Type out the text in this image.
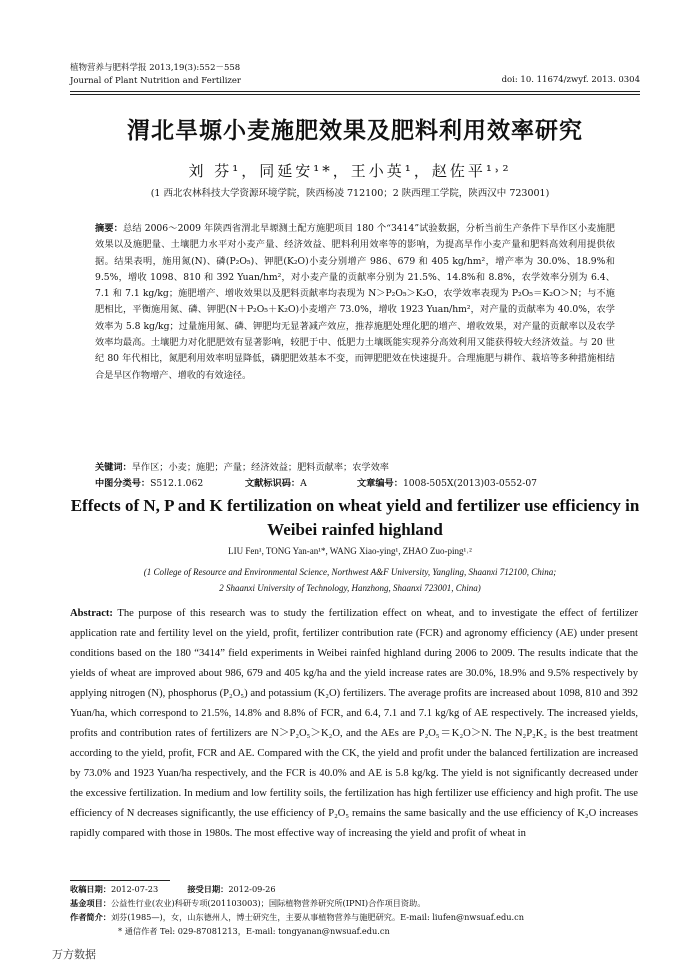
植物营养与肥料学报 2013,19(3):552－558
Journal of Plant Nutrition and Fertilizer	doi: 10. 11674/zwyf. 2013. 0304
渭北旱塬小麦施肥效果及肥料利用效率研究
刘 芬¹，同延安¹*，王小英¹，赵佐平¹˒²
(1 西北农林科技大学资源环境学院，陕西杨凌 712100；2 陕西理工学院，陕西汉中 723001)

摘要：总结 2006～2009 年陕西省渭北旱塬测土配方施肥项目 180 个“3414”试验数据，分析当前生产条件下旱作区小麦施肥效果以及施肥量、土壤肥力水平对小麦产量、经济效益、肥料利用效率等的影响，为提高旱作小麦产量和肥料高效利用提供依据。结果表明，施用氮(N)、磷(P₂O₅)、钾肥(K₂O)小麦分别增产 986、679 和 405 kg/hm²，增产率为 30.0%、18.9%和 9.5%，增收 1098、810 和 392 Yuan/hm²，对小麦产量的贡献率分别为 21.5%、14.8%和 8.8%，农学效率分别为 6.4、7.1 和 7.1 kg/kg；施肥增产、增收效果以及肥料贡献率均表现为 N＞P₂O₅＞K₂O，农学效率表现为 P₂O₅＝K₂O＞N；与不施肥相比，平衡施用氮、磷、钾肥(N＋P₂O₅＋K₂O)小麦增产 73.0%，增收 1923 Yuan/hm²，对产量的贡献率为 40.0%，农学效率为 5.8 kg/kg；过量施用氮、磷、钾肥均无显著减产效应，推荐施肥处理化肥的增产、增收效果，对产量的贡献率以及农学效率均最高。土壤肥力对化肥肥效有显著影响，较肥于中、低肥力土壤既能实现养分高效利用又能获得较大经济效益。与 20 世纪 80 年代相比，氮肥利用效率明显降低，磷肥肥效基本不变，而钾肥肥效在快速提升。合理施肥与耕作、栽培等多种措施相结合是旱区作物增产、增收的有效途径。

关键词：旱作区；小麦；施肥；产量；经济效益；肥料贡献率；农学效率
中图分类号：S512.1.062	文献标识码：A	文章编号：1008-505X(2013)03-0552-07
Effects of N, P and K fertilization on wheat yield and fertilizer use efficiency in Weibei rainfed highland
LIU Fen¹, TONG Yan-an¹*, WANG Xiao-ying¹, ZHAO Zuo-ping¹˒²
(1 College of Resource and Environmental Science, Northwest A&F University, Yangling, Shaanxi 712100, China;
2 Shaanxi University of Technology, Hanzhong, Shaanxi 723001, China)

Abstract: The purpose of this research was to study the fertilization effect on wheat, and to investigate the effect of fertilizer application rate and fertility level on the yield, profit, fertilizer contribution rate (FCR) and agronomy efficiency (AE) under present conditions based on the 180 “3414” field experiments in Weibei rainfed highland during 2006 to 2009. The results indicate that the yields of wheat are improved about 986, 679 and 405 kg/ha and the yield increase rates are 30.0%, 18.9% and 9.5% respectively by applying nitrogen (N), phosphorus (P₂O₅) and potassium (K₂O) fertilizers. The average profits are increased about 1098, 810 and 392 Yuan/ha, which correspond to 21.5%, 14.8% and 8.8% of FCR, and 6.4, 7.1 and 7.1 kg/kg of AE respectively. The increased yields, profits and contribution rates of fertilizers are N＞P₂O₅＞K₂O, and the AEs are P₂O₅＝K₂O＞N. The N₂P₂K₂ is the best treatment according to the yield, profit, FCR and AE. Compared with the CK, the yield and profit under the balanced fertilization are increased by 73.0% and 1923 Yuan/ha respectively, and the FCR is 40.0% and AE is 5.8 kg/kg. The yield is not significantly decreased under the excessive fertilization. In medium and low fertility soils, the fertilization has high fertilizer use efficiency and high profit. The use efficiency of N decreases significantly, the use efficiency of P₂O₅ remains the same basically and the use efficiency of K₂O increases rapidly compared with those in 1980s. The most effective way of increasing the yield and profit of wheat in

收稿日期：2012-07-23	接受日期：2012-09-26
基金项目：公益性行业(农业)科研专项(201103003)；国际植物营养研究所(IPNI)合作项目资助。
作者简介：刘芬(1985—)，女，山东德州人，博士研究生，主要从事植物营养与施肥研究。E-mail: liufen@nwsuaf.edu.cn
* 通信作者 Tel: 029-87081213，E-mail: tongyanan@nwsuaf.edu.cn
万方数据
